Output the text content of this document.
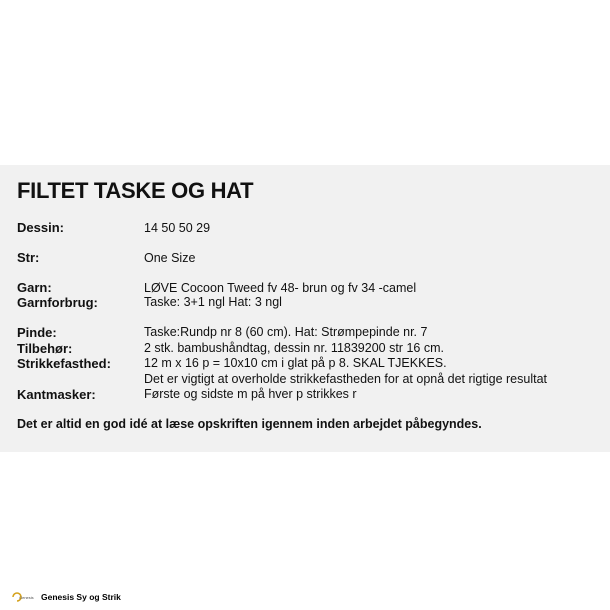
FILTET TASKE OG HAT
Dessin:	14 50 50 29
Str:	One Size
Garn:	LØVE Cocoon Tweed fv 48- brun og fv 34 -camel
Garnforbrug:	Taske: 3+1 ngl Hat: 3 ngl
Pinde:	Taske:Rundp nr 8 (60 cm). Hat: Strømpepinde nr. 7
Tilbehør:	2 stk. bambushåndtag, dessin nr. 11839200 str 16 cm.
Strikkefasthed:	12 m x 16 p = 10x10 cm i glat på p 8. SKAL TJEKKES.
Det er vigtigt at overholde strikkefastheden for at opnå det rigtige resultat
Kantmasker:	Første og sidste m på hver p strikkes r
Det er altid en god idé at læse opskriften igennem inden arbejdet påbegyndes.
Genesis Genesis Sy og Strik
